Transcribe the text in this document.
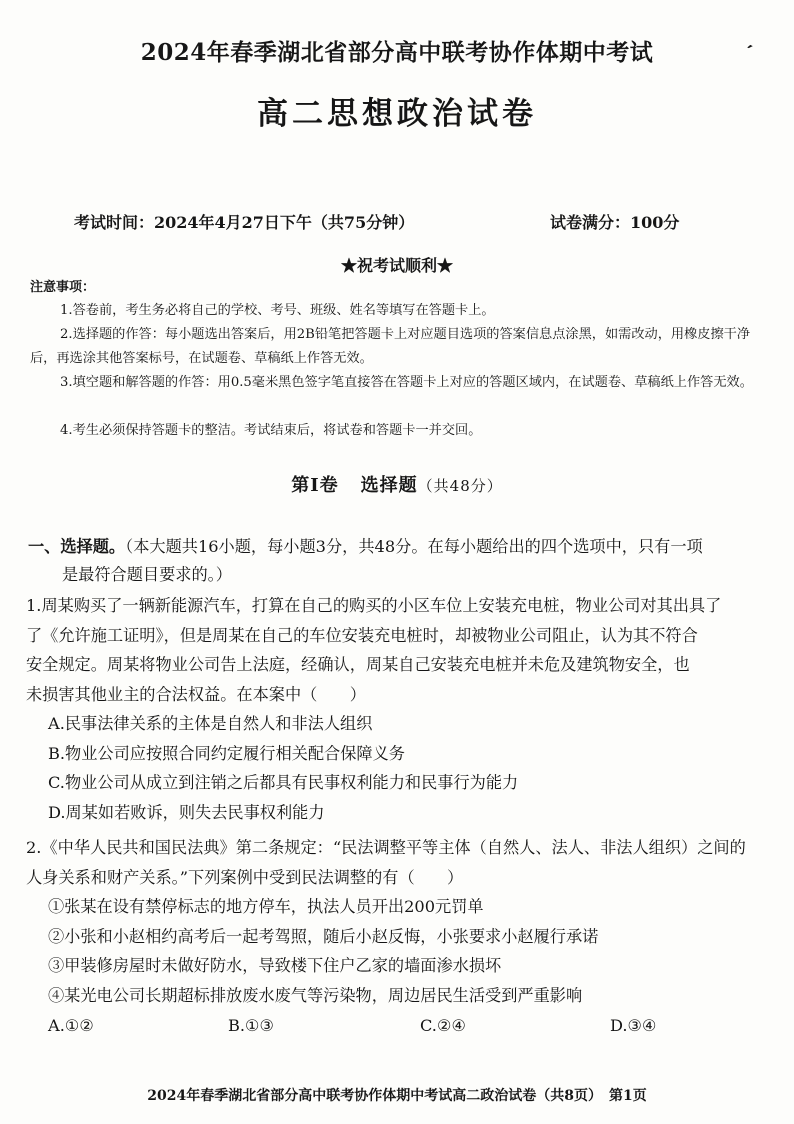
2024年春季湖北省部分高中联考协作体期中考试	′
高二思想政治试卷
考试时间：2024年4月27日下午（共75分钟）	试卷满分：100分
★祝考试顺利★
注意事项：
1.答卷前，考生务必将自己的学校、考号、班级、姓名等填写在答题卡上。
2.选择题的作答：每小题选出答案后，用2B铅笔把答题卡上对应题目选项的答案信息点涂黑，如需改动，用橡皮擦干净后，再选涂其他答案标号，在试题卷、草稿纸上作答无效。
3.填空题和解答题的作答：用0.5毫米黑色签字笔直接答在答题卡上对应的答题区域内，在试题卷、草稿纸上作答无效。
4.考生必须保持答题卡的整洁。考试结束后，将试卷和答题卡一并交回。
第Ⅰ卷 选择题（共48分）
一、选择题。（本大题共16小题，每小题3分，共48分。在每小题给出的四个选项中，只有一项
是最符合题目要求的。）
1.周某购买了一辆新能源汽车，打算在自己的购买的小区车位上安装充电桩，物业公司对其出具了
了《允许施工证明》，但是周某在自己的车位安装充电桩时，却被物业公司阻止，认为其不符合
安全规定。周某将物业公司告上法庭，经确认，周某自己安装充电桩并未危及建筑物安全，也
未损害其他业主的合法权益。在本案中（　　）
A.民事法律关系的主体是自然人和非法人组织
B.物业公司应按照合同约定履行相关配合保障义务
C.物业公司从成立到注销之后都具有民事权利能力和民事行为能力
D.周某如若败诉，则失去民事权利能力
2.《中华人民共和国民法典》第二条规定：“民法调整平等主体（自然人、法人、非法人组织）之间的
人身关系和财产关系。”下列案例中受到民法调整的有（　　）
①张某在设有禁停标志的地方停车，执法人员开出200元罚单
②小张和小赵相约高考后一起考驾照，随后小赵反悔，小张要求小赵履行承诺
③甲装修房屋时未做好防水，导致楼下住户乙家的墙面渗水损坏
④某光电公司长期超标排放废水废气等污染物，周边居民生活受到严重影响
A.①②	B.①③	C.②④	D.③④
2024年春季湖北省部分高中联考协作体期中考试高二政治试卷（共8页）　第1页
